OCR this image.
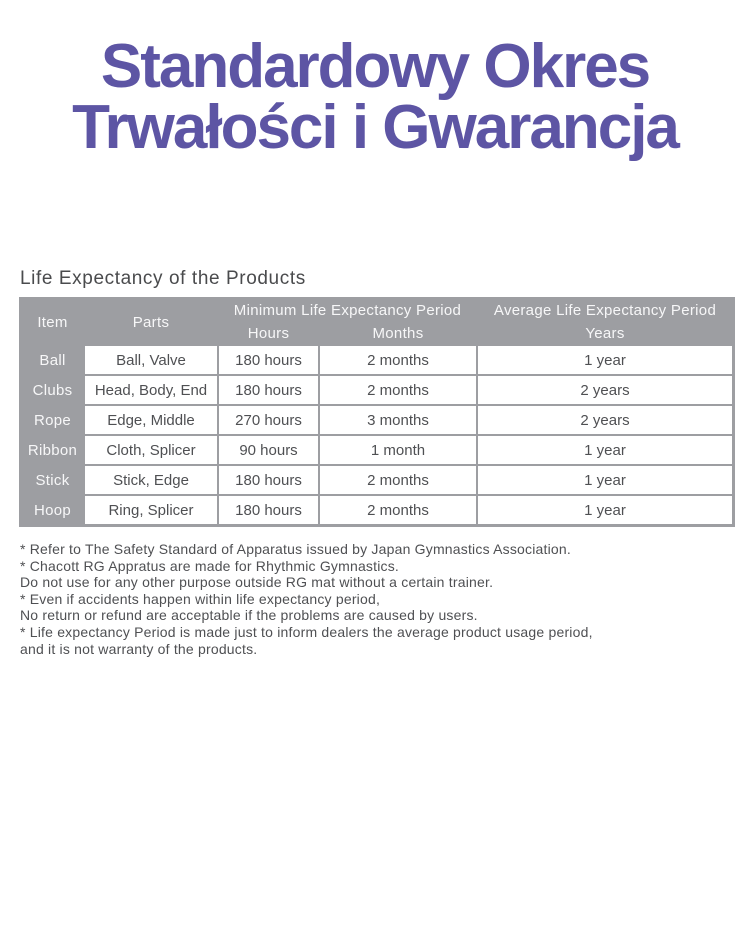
Standardowy Okres
Trwałości i Gwarancja
Life Expectancy of the Products
Item	Parts	Minimum Life Expectancy Period		Average Life Expectancy Period
		Hours	Months	Years
Ball	Ball, Valve	180 hours	2 months	1 year
Clubs	Head, Body, End	180 hours	2 months	2 years
Rope	Edge, Middle	270 hours	3 months	2 years
Ribbon	Cloth, Splicer	90 hours	1 month	1 year
Stick	Stick, Edge	180 hours	2 months	1 year
Hoop	Ring, Splicer	180 hours	2 months	1 year
* Refer to The Safety Standard of Apparatus issued by Japan Gymnastics Association.
* Chacott RG Appratus are made for Rhythmic Gymnastics.
Do not use for any other purpose outside RG mat without a certain trainer.
* Even if accidents happen within life expectancy period,
No return or refund are acceptable if the problems are caused by users.
* Life expectancy Period is made just to inform dealers the average product usage period,
and it is not warranty of the products.
